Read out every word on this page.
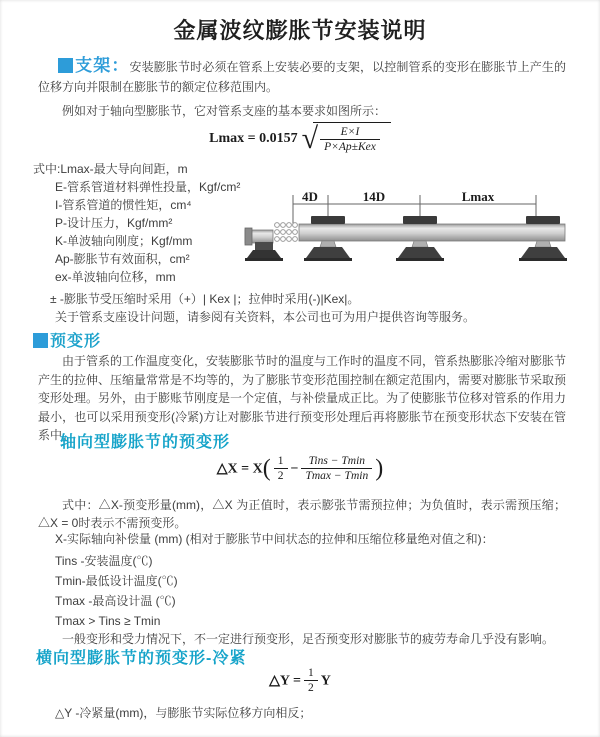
金属波纹膨胀节安装说明
支架：安装膨胀节时必须在管系上安装必要的支架，以控制管系的变形在膨胀节上产生的位移方向并限制在膨胀节的额定位移范围内。
例如对于轴向型膨胀节，它对管系支座的基本要求如图所示：
Lmax = 0.0157 √ $\frac{E\times I}{\text{P×Ap±Kex}}$
式中:Lmax-最大导向间距，m
E-管系管道材料弹性投量，Kgf/cm²
I-管系管道的惯性矩，cm⁴
P-设计压力，Kgf/mm²
K-单波轴向刚度；Kgf/mm
Ap-膨胀节有效面积，cm²
ex-单波轴向位移，mm
4D	14D	Lmax
± -膨胀节受压缩时采用（+）| Kex |；拉伸时采用(-)|Kex|。
关于管系支座设计问题，请参阅有关资料，本公司也可为用户提供咨询等服务。
预变形
由于管系的工作温度变化，安装膨胀节时的温度与工作时的温度不同，管系热膨胀冷缩对膨胀节产生的拉伸、压缩量常常是不均等的，为了膨胀节变形范围控制在额定范围内，需要对膨胀节采取预变形处理。另外，由于膨账节刚度是一个定值，与补偿量成正比。为了使膨胀节位移对管系的作用力最小，也可以采用预变形(冷紧)方让对膨胀节进行预变形处理后再将膨胀节在预变形状态下安装在管系中。
轴向型膨胀节的预变形
△X = $X( \frac{1}{2} - \frac{\text{Tins − Tmin}}{Tmax - Tmin}$ )
式中：△X-预变形量(mm)，△X 为正值时，表示膨张节需预拉伸；为负值时，表示需预压缩；△X = 0时表示不需预变形。
X-实际轴向补偿量 (mm) (相对于膨胀节中间状态的拉伸和压缩位移量绝对值之和)：
Tins -安装温度(℃)
Tmin-最低设计温度(℃)
Tmax -最高设计温 (℃)
Tmax > Tins ≥ Tmin
一般变形和受力情况下，不一定进行预变形，足否预变形对膨胀节的疲劳寿命几乎没有影响。
横向型膨胀节的预变形-冷紧
△Y = $\frac{1}{2}$ Y
△Y -冷紧量(mm)，与膨胀节实际位移方向相反；
